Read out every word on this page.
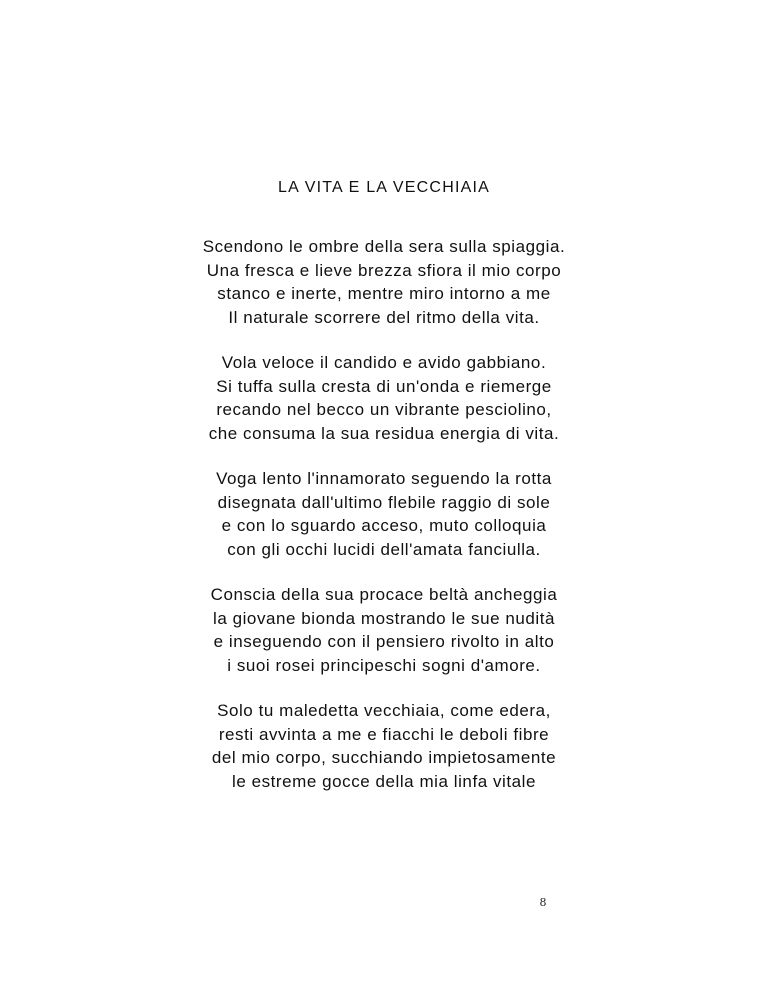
LA VITA E LA VECCHIAIA
Scendono le ombre della sera sulla spiaggia.
Una fresca e lieve brezza sfiora il mio corpo
stanco e inerte, mentre miro intorno a me
Il naturale scorrere del ritmo della vita.
Vola veloce il candido e avido gabbiano.
Si tuffa sulla cresta di un'onda e riemerge
recando nel becco un vibrante pesciolino,
che consuma la sua residua energia di vita.
Voga lento l'innamorato seguendo la rotta
disegnata dall'ultimo flebile raggio di sole
e con lo sguardo acceso, muto colloquia
con gli occhi lucidi dell'amata fanciulla.
Conscia della sua procace beltà ancheggia
la giovane bionda mostrando le sue nudità
e inseguendo con il pensiero rivolto in alto
i suoi rosei principeschi sogni d'amore.
Solo tu maledetta vecchiaia, come edera,
resti avvinta a me e fiacchi le deboli fibre
del mio corpo, succhiando impietosamente
le estreme gocce della mia linfa vitale
8
